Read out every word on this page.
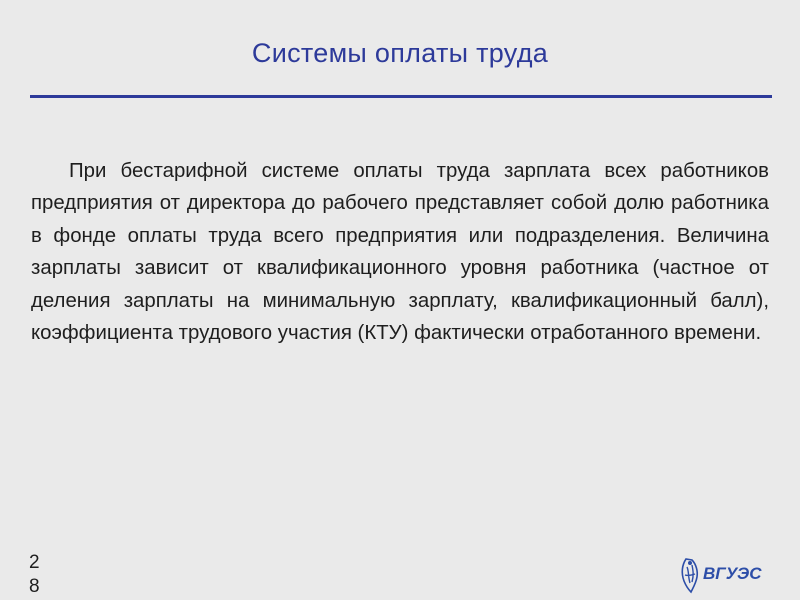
Системы оплаты труда
При бестарифной системе оплаты труда зарплата всех работников предприятия от директора до рабочего представляет собой долю работника в фонде оплаты труда всего предприятия или подразделения. Величина зарплаты зависит от квалификационного уровня работника (частное от деления зарплаты на минимальную зарплату, квалификационный балл), коэффициента трудового участия (КТУ) фактически отработанного времени.
28
ВГУЭС
